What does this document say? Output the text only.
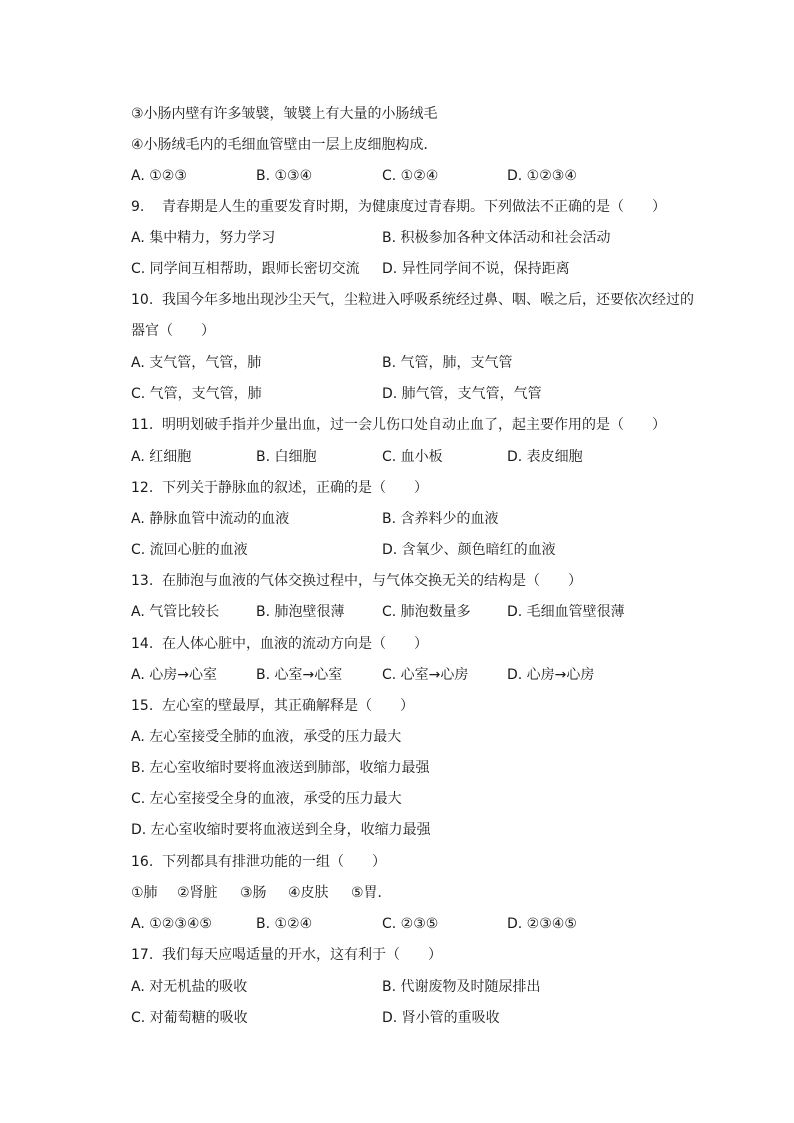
③小肠内壁有许多皱襞，皱襞上有大量的小肠绒毛
④小肠绒毛内的毛细血管壁由一层上皮细胞构成．
A. ①②③	B. ①③④	C. ①②④	D. ①②③④
9. 青春期是人生的重要发育时期，为健康度过青春期。下列做法不正确的是（　　）
A. 集中精力，努力学习	B. 积极参加各种文体活动和社会活动
C. 同学间互相帮助，跟师长密切交流 D. 异性同学间不说，保持距离
10. 我国今年多地出现沙尘天气，尘粒进入呼吸系统经过鼻、咽、喉之后，还要依次经过的
器官（　　）
A. 支气管，气管，肺	B. 气管，肺，支气管
C. 气管，支气管，肺	D. 肺气管，支气管，气管
11. 明明划破手指并少量出血，过一会儿伤口处自动止血了，起主要作用的是（　　）
A. 红细胞	B. 白细胞	C. 血小板	D. 表皮细胞
12. 下列关于静脉血的叙述，正确的是（　　）
A. 静脉血管中流动的血液	B. 含养料少的血液
C. 流回心脏的血液	D. 含氧少、颜色暗红的血液
13. 在肺泡与血液的气体交换过程中，与气体交换无关的结构是（　　）
A. 气管比较长	B. 肺泡壁很薄	C. 肺泡数量多	D. 毛细血管壁很薄
14. 在人体心脏中，血液的流动方向是（　　）
A. 心房→心室	B. 心室→心室	C. 心室→心房	D. 心房→心房
15. 左心室的壁最厚，其正确解释是（　　）
A. 左心室接受全肺的血液，承受的压力最大
B. 左心室收缩时要将血液送到肺部，收缩力最强
C. 左心室接受全身的血液，承受的压力最大
D. 左心室收缩时要将血液送到全身，收缩力最强
16. 下列都具有排泄功能的一组（　　）
①肺 ②肾脏 ③肠 ④皮肤 ⑤胃．
A. ①②③④⑤	B. ①②④	C. ②③⑤	D. ②③④⑤
17. 我们每天应喝适量的开水，这有利于（　　）
A. 对无机盐的吸收	B. 代谢废物及时随尿排出
C. 对葡萄糖的吸收	D. 肾小管的重吸收
